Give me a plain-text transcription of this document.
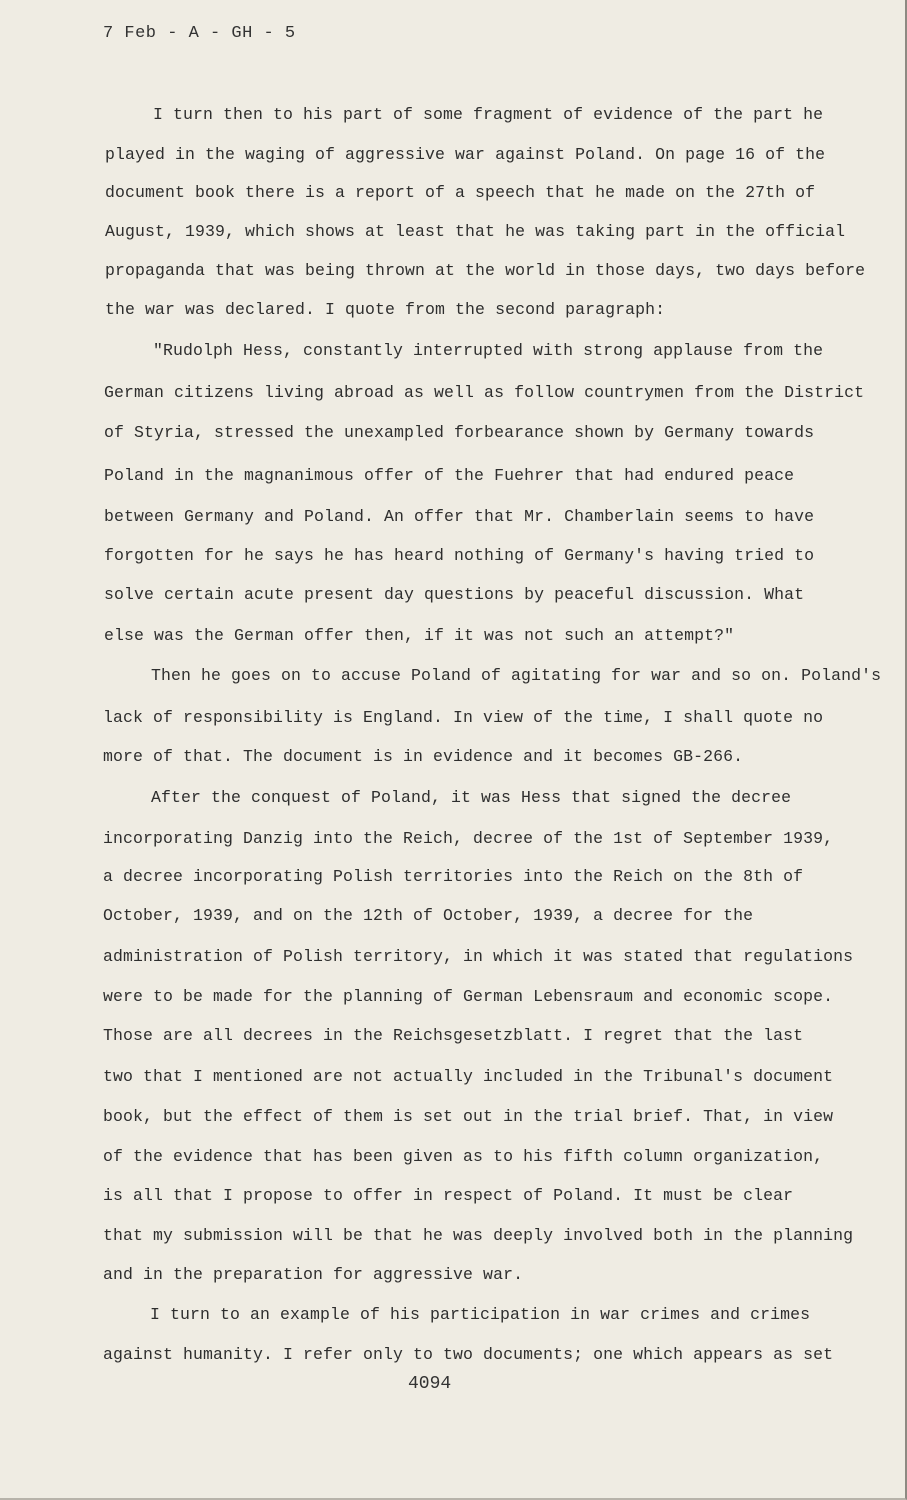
7 Feb - A - GH - 5
I turn then to his part of some fragment of evidence of the part he
played in the waging of aggressive war against Poland. On page 16 of the
document book there is a report of a speech that he made on the 27th of
August, 1939, which shows at least that he was taking part in the official
propaganda that was being thrown at the world in those days, two days before
the war was declared. I quote from the second paragraph:
"Rudolph Hess, constantly interrupted with strong applause from the
German citizens living abroad as well as follow countrymen from the District
of Styria, stressed the unexampled forbearance shown by Germany towards
Poland in the magnanimous offer of the Fuehrer that had endured peace
between Germany and Poland. An offer that Mr. Chamberlain seems to have
forgotten for he says he has heard nothing of Germany's having tried to
solve certain acute present day questions by peaceful discussion. What
else was the German offer then, if it was not such an attempt?"
Then he goes on to accuse Poland of agitating for war and so on. Poland's
lack of responsibility is England. In view of the time, I shall quote no
more of that. The document is in evidence and it becomes GB-266.
After the conquest of Poland, it was Hess that signed the decree
incorporating Danzig into the Reich, decree of the 1st of September 1939,
a decree incorporating Polish territories into the Reich on the 8th of
October, 1939, and on the 12th of October, 1939, a decree for the
administration of Polish territory, in which it was stated that regulations
were to be made for the planning of German Lebensraum and economic scope.
Those are all decrees in the Reichsgesetzblatt. I regret that the last
two that I mentioned are not actually included in the Tribunal's document
book, but the effect of them is set out in the trial brief. That, in view
of the evidence that has been given as to his fifth column organization,
is all that I propose to offer in respect of Poland. It must be clear
that my submission will be that he was deeply involved both in the planning
and in the preparation for aggressive war.
I turn to an example of his participation in war crimes and crimes
against humanity. I refer only to two documents; one which appears as set
4094
